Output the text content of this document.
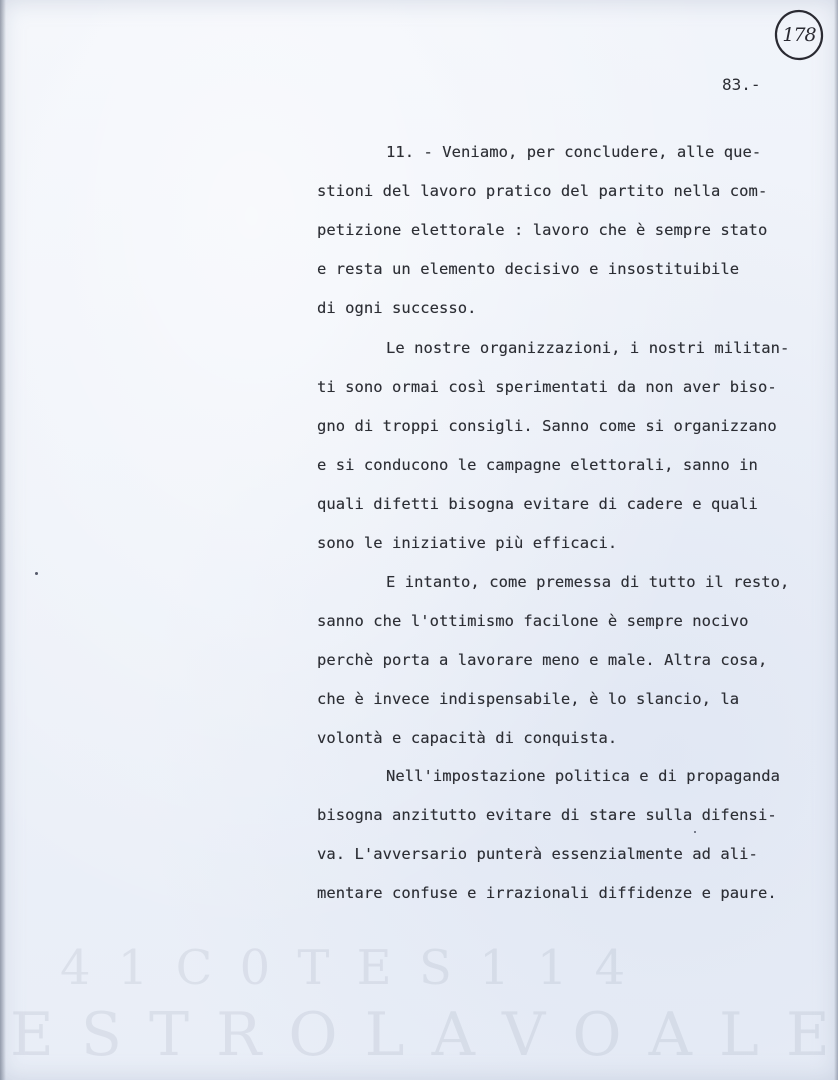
4 1 C 0 T E S 1 1 4
E S T R O L A V O A L E
178
83.-
11. - Veniamo, per concludere, alle que-
stioni del lavoro pratico del partito nella com-
petizione elettorale : lavoro che è sempre stato
e resta un elemento decisivo e insostituibile
di ogni successo.
Le nostre organizzazioni, i nostri militan-
ti sono ormai così sperimentati da non aver biso-
gno di troppi consigli. Sanno come si organizzano
e si conducono le campagne elettorali, sanno in
quali difetti bisogna evitare di cadere e quali
sono le iniziative più efficaci.
E intanto, come premessa di tutto il resto,
sanno che l'ottimismo facilone è sempre nocivo
perchè porta a lavorare meno e male. Altra cosa,
che è invece indispensabile, è lo slancio, la
volontà e capacità di conquista.
Nell'impostazione politica e di propaganda
bisogna anzitutto evitare di stare sulla difensi-
va. L'avversario punterà essenzialmente ad ali-
mentare confuse e irrazionali diffidenze e paure.
